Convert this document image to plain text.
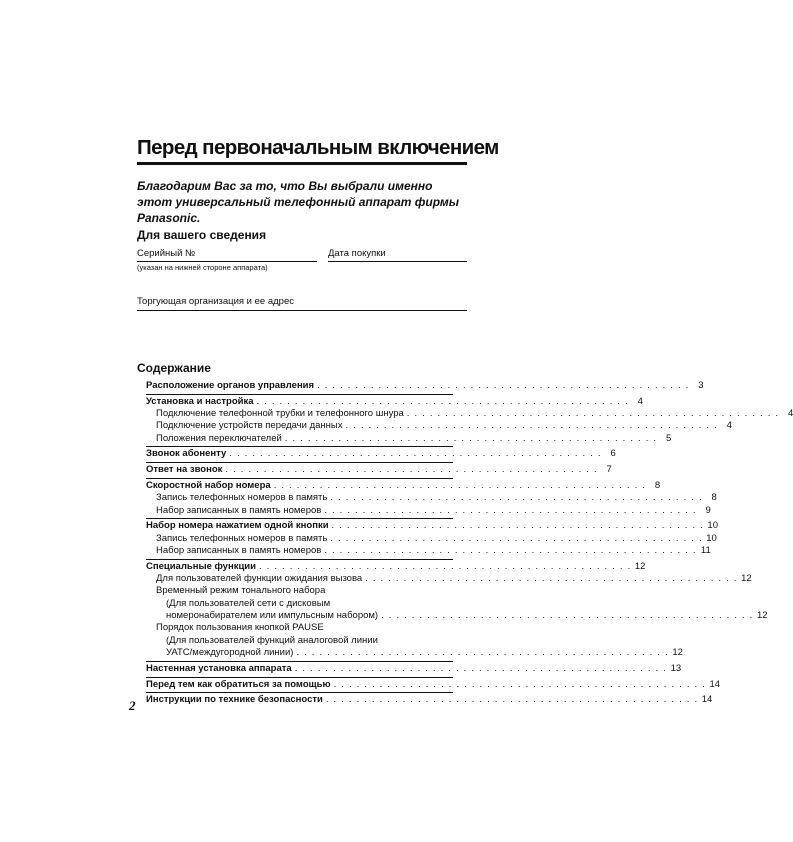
Перед первоначальным включением
Благодарим Вас за то, что Вы выбрали именно этот универсальный телефонный аппарат фирмы Panasonic.
Для вашего сведения
Серийный №
(указан на нижней стороне аппарата)
Дата покупки
Торгующая организация и ее адрес
Содержание
Расположение органов управления . . . . . . . . . . . . . . . . . . . . . . . . . . . . . . . . . . . . . . . . . . . . . . . . . 3
Установка и настройка . . . . . . . . . . . . . . . . . . . . . . . . . . . . . . . . . . . . . . . . . . . . . . . . . 4
Подключение телефонной трубки и телефонного шнура . . . . . . . . . . . . . . . . . . . . . . . . . . . . . . . . . . . . . . . . . . . . . . . . . 4
Подключение устройств передачи данных . . . . . . . . . . . . . . . . . . . . . . . . . . . . . . . . . . . . . . . . . . . . . . . . . 4
Положения переключателей . . . . . . . . . . . . . . . . . . . . . . . . . . . . . . . . . . . . . . . . . . . . . . . . . 5
Звонок абоненту . . . . . . . . . . . . . . . . . . . . . . . . . . . . . . . . . . . . . . . . . . . . . . . . . 6
Ответ на звонок . . . . . . . . . . . . . . . . . . . . . . . . . . . . . . . . . . . . . . . . . . . . . . . . . 7
Скоростной набор номера . . . . . . . . . . . . . . . . . . . . . . . . . . . . . . . . . . . . . . . . . . . . . . . . . 8
Запись телефонных номеров в память . . . . . . . . . . . . . . . . . . . . . . . . . . . . . . . . . . . . . . . . . . . . . . . . . 8
Набор записанных в память номеров . . . . . . . . . . . . . . . . . . . . . . . . . . . . . . . . . . . . . . . . . . . . . . . . . 9
Набор номера нажатием одной кнопки . . . . . . . . . . . . . . . . . . . . . . . . . . . . . . . . . . . . . . . . . . . . . . . . . 10
Запись телефонных номеров в память . . . . . . . . . . . . . . . . . . . . . . . . . . . . . . . . . . . . . . . . . . . . . . . . . 10
Набор записанных в память номеров . . . . . . . . . . . . . . . . . . . . . . . . . . . . . . . . . . . . . . . . . . . . . . . . . 11
Специальные функции . . . . . . . . . . . . . . . . . . . . . . . . . . . . . . . . . . . . . . . . . . . . . . . . . 12
Для пользователей функции ожидания вызова . . . . . . . . . . . . . . . . . . . . . . . . . . . . . . . . . . . . . . . . . . . . . . . . . 12
Временный режим тонального набора
(Для пользователей сети с дисковым
номеронабирателем или импульсным набором) . . . . . . . . . . . . . . . . . . . . . . . . . . . . . . . . . . . . . . . . . . . . . . . . . 12
Порядок пользования кнопкой PAUSE
(Для пользователей функций аналоговой линии
УАТС/междугородной линии) . . . . . . . . . . . . . . . . . . . . . . . . . . . . . . . . . . . . . . . . . . . . . . . . . 12
Настенная установка аппарата . . . . . . . . . . . . . . . . . . . . . . . . . . . . . . . . . . . . . . . . . . . . . . . . . 13
Перед тем как обратиться за помощью . . . . . . . . . . . . . . . . . . . . . . . . . . . . . . . . . . . . . . . . . . . . . . . . . 14
Инструкции по технике безопасности . . . . . . . . . . . . . . . . . . . . . . . . . . . . . . . . . . . . . . . . . . . . . . . . . 14
2
